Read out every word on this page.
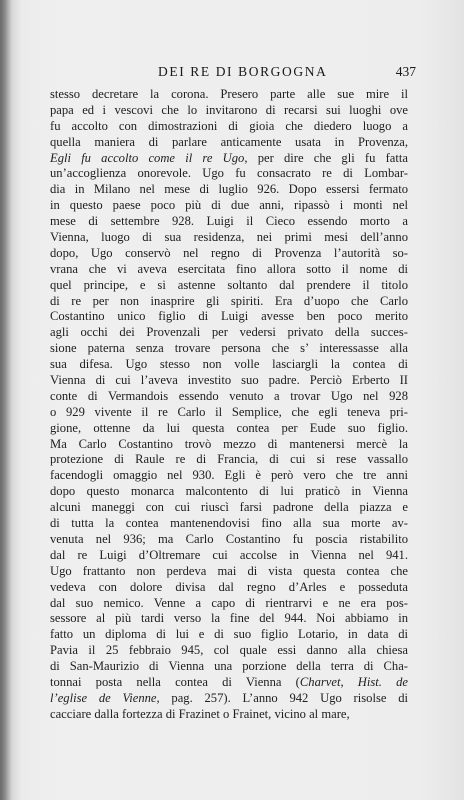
DEI RE DI BORGOGNA	437
stesso decretare la corona. Presero parte alle sue mire il
papa ed i vescovi che lo invitarono di recarsi sui luoghi ove
fu accolto con dimostrazioni di gioia che diedero luogo a
quella maniera di parlare anticamente usata in Provenza,
Egli fu accolto come il re Ugo, per dire che gli fu fatta
un’accoglienza onorevole. Ugo fu consacrato re di Lombar-
dia in Milano nel mese di luglio 926. Dopo essersi fermato
in questo paese poco più di due anni, ripassò i monti nel
mese di settembre 928. Luigi il Cieco essendo morto a
Vienna, luogo di sua residenza, nei primi mesi dell’anno
dopo, Ugo conservò nel regno di Provenza l’autorità so-
vrana che vi aveva esercitata fino allora sotto il nome di
quel principe, e si astenne soltanto dal prendere il titolo
di re per non inasprire gli spiriti. Era d’uopo che Carlo
Costantino unico figlio di Luigi avesse ben poco merito
agli occhi dei Provenzali per vedersi privato della succes-
sione paterna senza trovare persona che s’ interessasse alla
sua difesa. Ugo stesso non volle lasciargli la contea di
Vienna di cui l’aveva investito suo padre. Perciò Erberto II
conte di Vermandois essendo venuto a trovar Ugo nel 928
o 929 vivente il re Carlo il Semplice, che egli teneva pri-
gione, ottenne da lui questa contea per Eude suo figlio.
Ma Carlo Costantino trovò mezzo di mantenersi mercè la
protezione di Raule re di Francia, di cui si rese vassallo
facendogli omaggio nel 930. Egli è però vero che tre anni
dopo questo monarca malcontento di lui praticò in Vienna
alcuni maneggi con cui riuscì farsi padrone della piazza e
di tutta la contea mantenendovisi fino alla sua morte av-
venuta nel 936; ma Carlo Costantino fu poscia ristabilito
dal re Luigi d’Oltremare cui accolse in Vienna nel 941.
Ugo frattanto non perdeva mai di vista questa contea che
vedeva con dolore divisa dal regno d’Arles e posseduta
dal suo nemico. Venne a capo di rientrarvi e ne era pos-
sessore al più tardi verso la fine del 944. Noi abbiamo in
fatto un diploma di lui e di suo figlio Lotario, in data di
Pavia il 25 febbraio 945, col quale essi danno alla chiesa
di San-Maurizio di Vienna una porzione della terra di Cha-
tonnai posta nella contea di Vienna (Charvet, Hist. de
l’eglise de Vienne, pag. 257). L’anno 942 Ugo risolse di
cacciare dalla fortezza di Frazinet o Frainet, vicino al mare,
